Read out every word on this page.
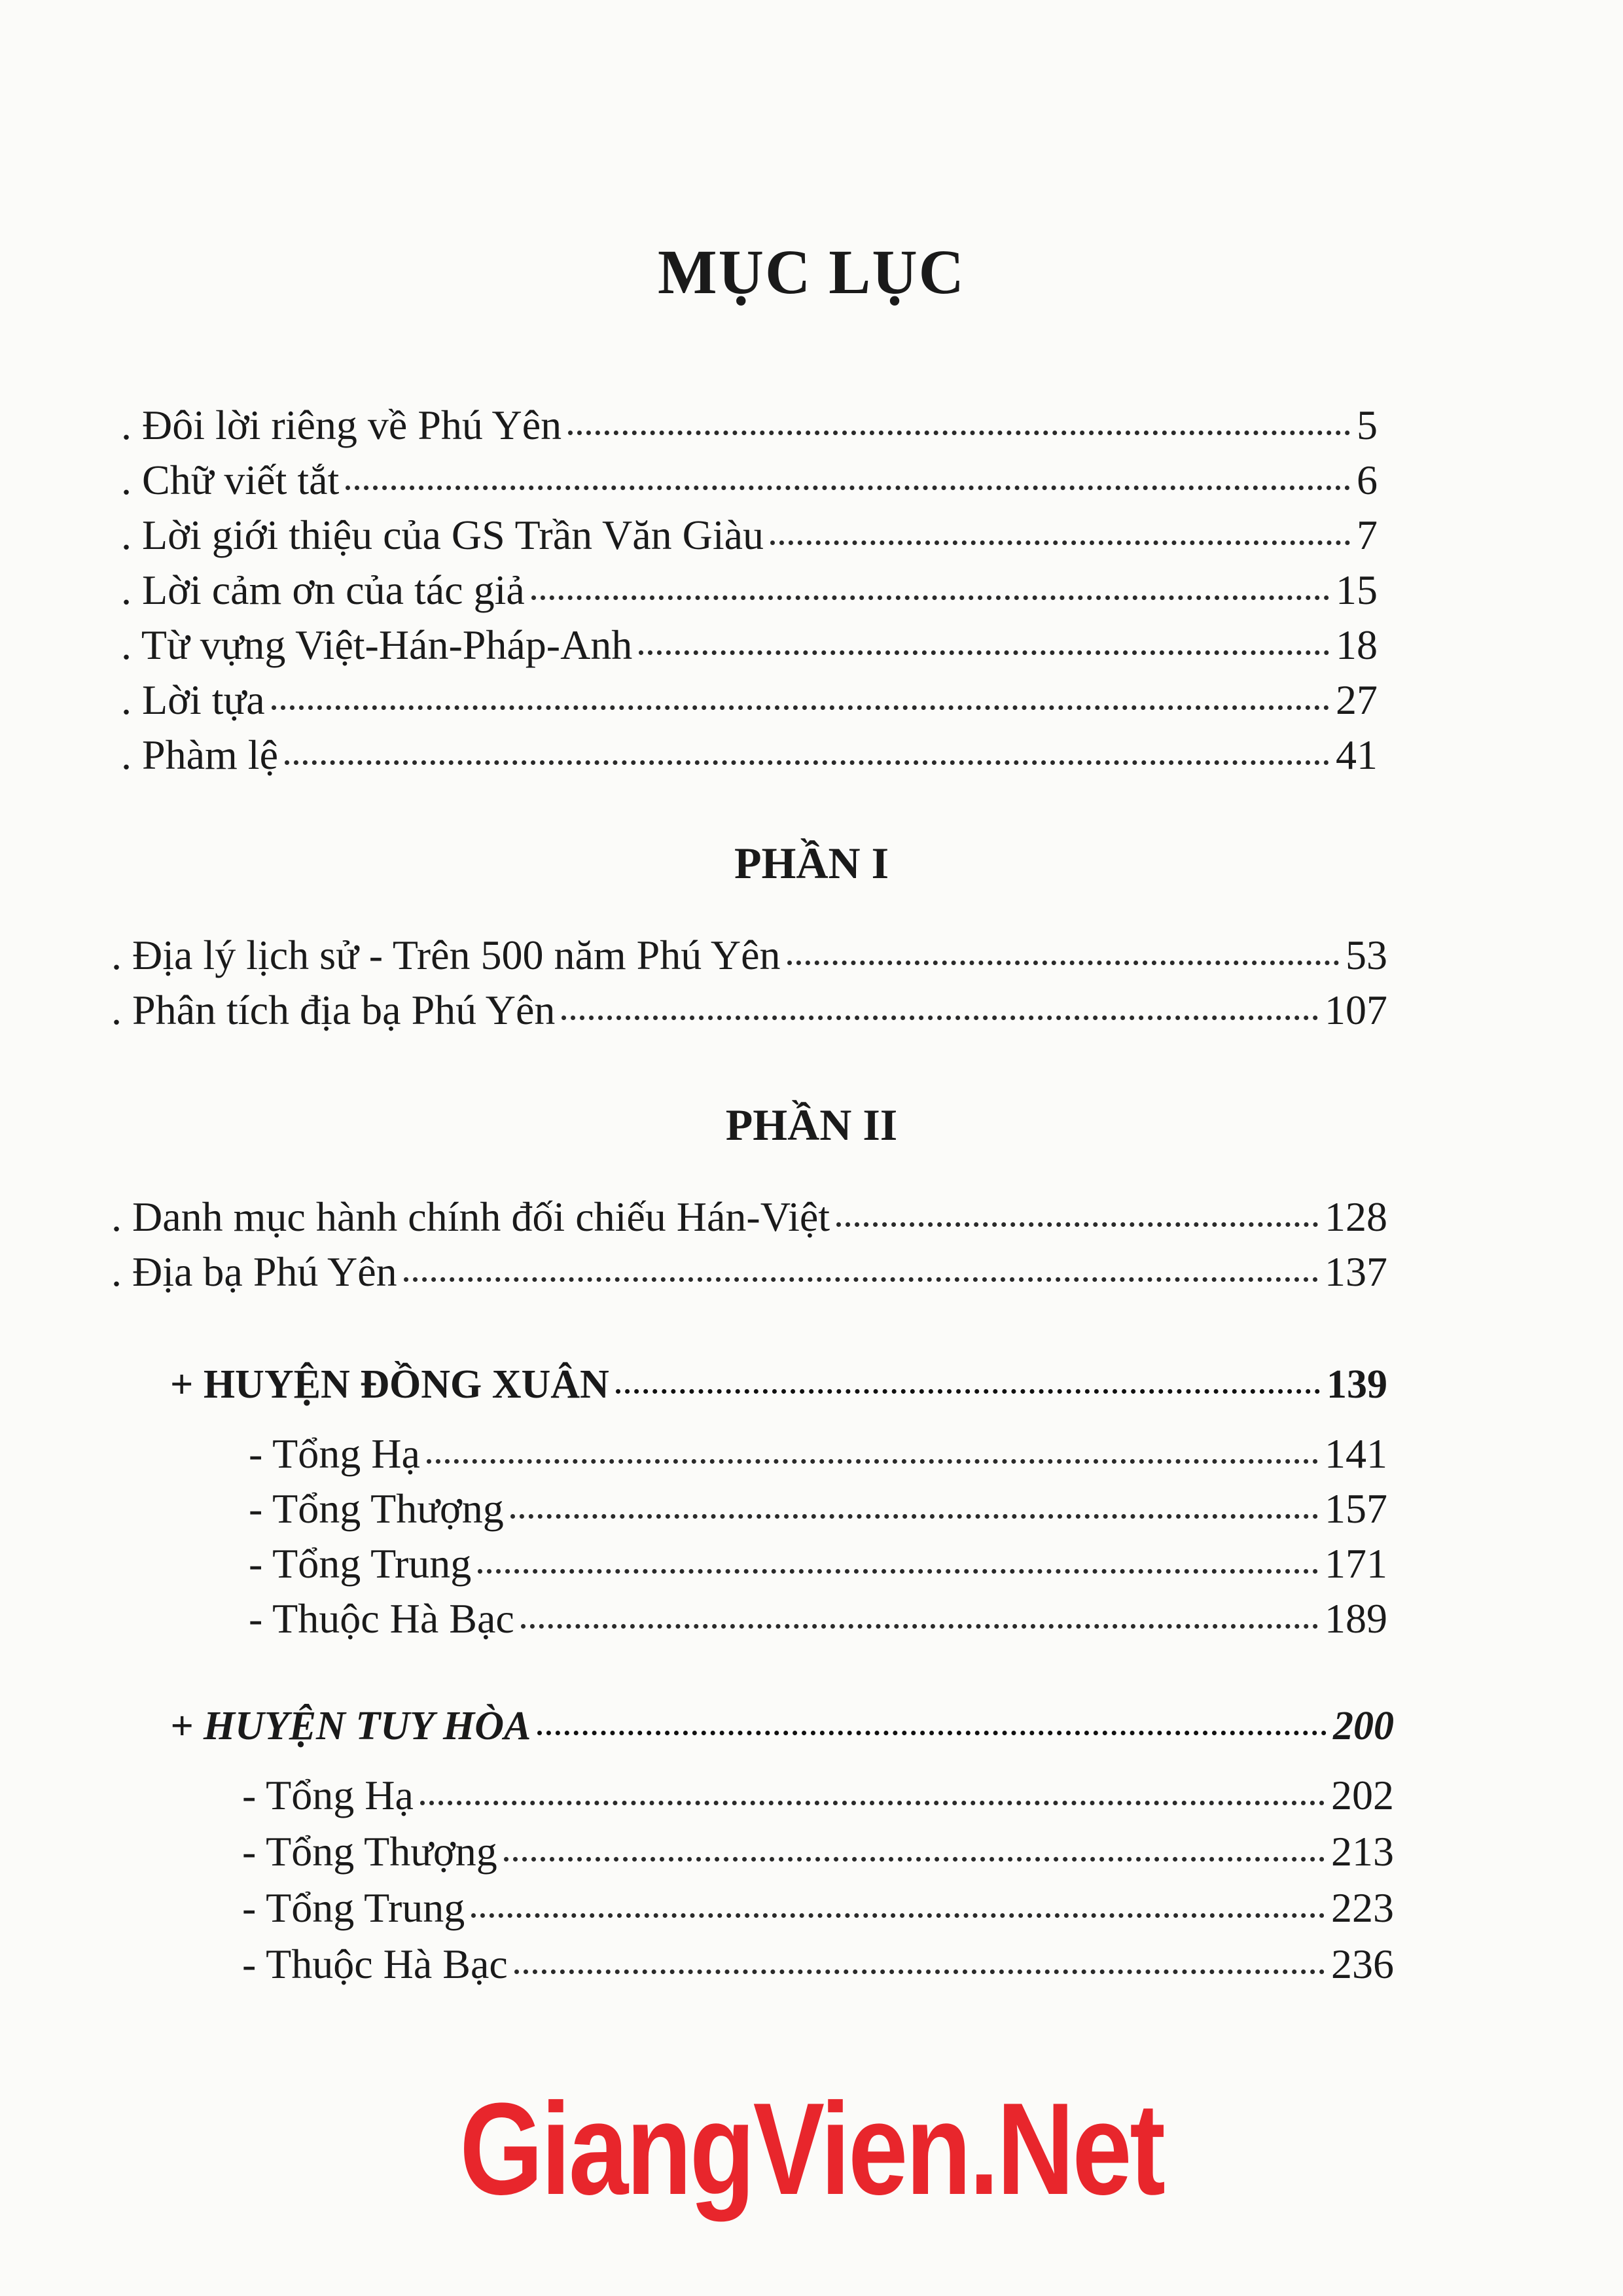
MỤC LỤC
. Đôi lời riêng về Phú Yên	5
. Chữ viết tắt	6
. Lời giới thiệu của GS Trần Văn Giàu	7
. Lời cảm ơn của tác giả	15
. Từ vựng Việt-Hán-Pháp-Anh	18
. Lời tựa	27
. Phàm lệ	41
PHẦN I
. Địa lý lịch sử - Trên 500 năm Phú Yên	53
. Phân tích địa bạ Phú Yên	107
PHẦN II
. Danh mục hành chính đối chiếu Hán-Việt	128
. Địa bạ Phú Yên	137
+ HUYỆN ĐỒNG XUÂN	139
- Tổng Hạ	141
- Tổng Thượng	157
- Tổng Trung	171
- Thuộc Hà Bạc	189
+ HUYỆN TUY HÒA	200
- Tổng Hạ	202
- Tổng Thượng	213
- Tổng Trung	223
- Thuộc Hà Bạc	236
GiangVien.Net
